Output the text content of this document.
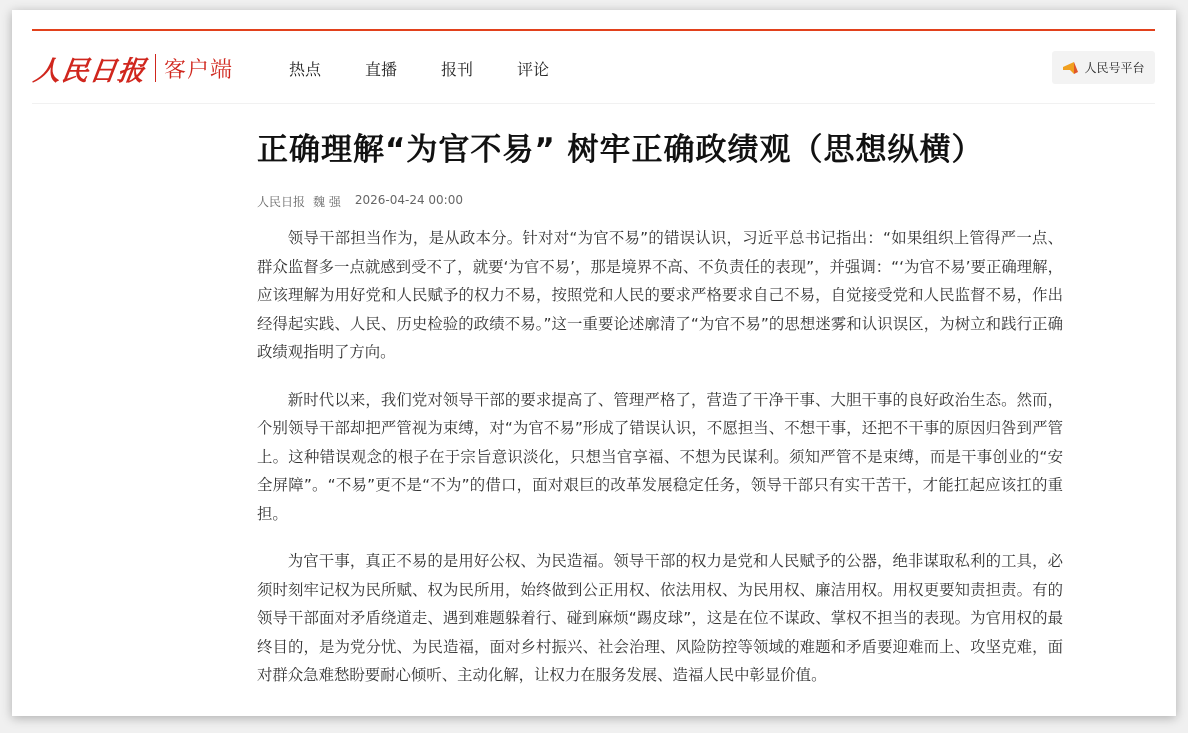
人民日报 客户端	热点	直播	报刊	评论	人民号平台
正确理解“为官不易” 树牢正确政绩观（思想纵横）
人民日报 魏 强 2026-04-24 00:00

领导干部担当作为，是从政本分。针对对“为官不易”的错误认识，习近平总书记指出：“如果组织上管得严一点、群众监督多一点就感到受不了，就要‘为官不易’，那是境界不高、不负责任的表现”，并强调：“‘为官不易’要正确理解，应该理解为用好党和人民赋予的权力不易，按照党和人民的要求严格要求自己不易，自觉接受党和人民监督不易，作出经得起实践、人民、历史检验的政绩不易。”这一重要论述廓清了“为官不易”的思想迷雾和认识误区，为树立和践行正确政绩观指明了方向。

新时代以来，我们党对领导干部的要求提高了、管理严格了，营造了干净干事、大胆干事的良好政治生态。然而，个别领导干部却把严管视为束缚，对“为官不易”形成了错误认识，不愿担当、不想干事，还把不干事的原因归咎到严管上。这种错误观念的根子在于宗旨意识淡化，只想当官享福、不想为民谋利。须知严管不是束缚，而是干事创业的“安全屏障”。“不易”更不是“不为”的借口，面对艰巨的改革发展稳定任务，领导干部只有实干苦干，才能扛起应该扛的重担。

为官干事，真正不易的是用好公权、为民造福。领导干部的权力是党和人民赋予的公器，绝非谋取私利的工具，必须时刻牢记权为民所赋、权为民所用，始终做到公正用权、依法用权、为民用权、廉洁用权。用权更要知责担责。有的领导干部面对矛盾绕道走、遇到难题躲着行、碰到麻烦“踢皮球”，这是在位不谋政、掌权不担当的表现。为官用权的最终目的，是为党分忧、为民造福，面对乡村振兴、社会治理、风险防控等领域的难题和矛盾要迎难而上、攻坚克难，面对群众急难愁盼要耐心倾听、主动化解，让权力在服务发展、造福人民中彰显价值。
